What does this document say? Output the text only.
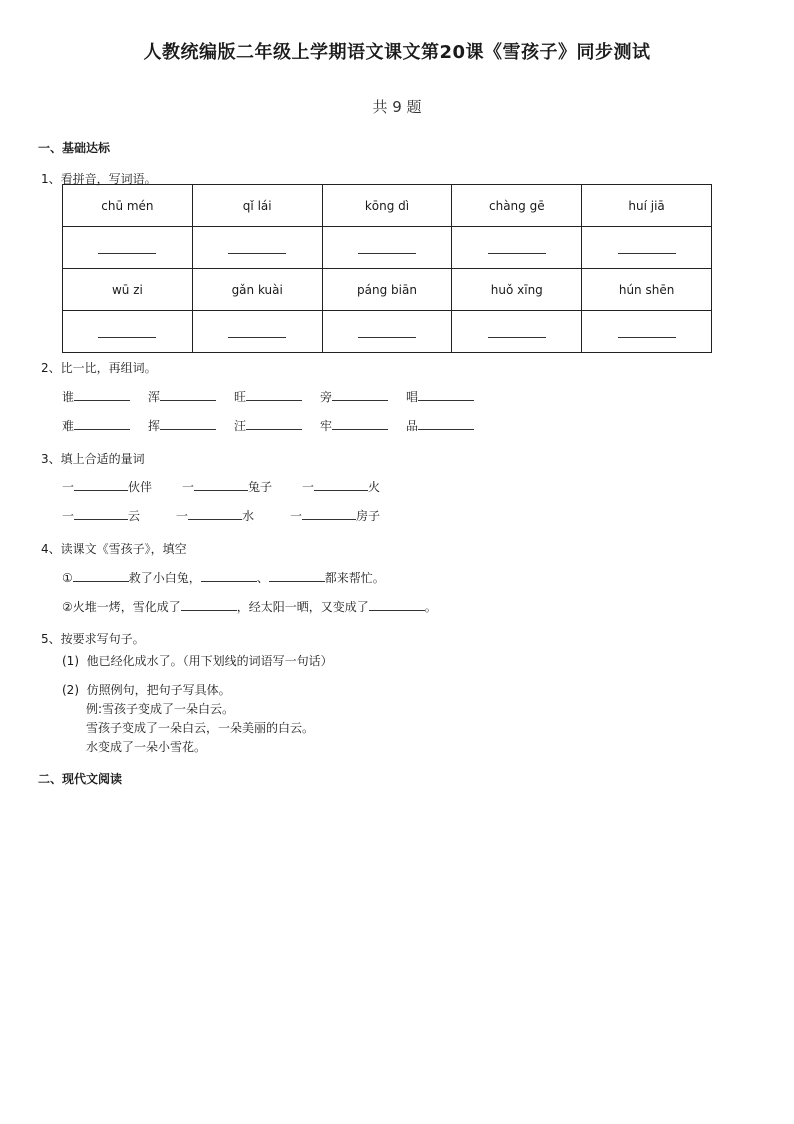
人教统编版二年级上学期语文课文第20课《雪孩子》同步测试
共 9 题
一、基础达标
1、看拼音，写词语。
chū mén	qǐ lái	kōng dì	chàng gē	huí jiā

wū zi	gǎn kuài	páng biān	huǒ xīng	hún shēn

2、比一比，再组词。
谁	浑	旺	旁	唱
难	挥	汪	牢	品
3、填上合适的量词
一	伙伴 一	兔子 一	火
一	云	一	水	一	房子
4、读课文《雪孩子》，填空
①	救了小白兔，	、	都来帮忙。
②火堆一烤，雪化成了	，经太阳一晒，又变成了	。
5、按要求写句子。
(1)  他已经化成水了。（用下划线的词语写一句话）
(2)  仿照例句，把句子写具体。
例:雪孩子变成了一朵白云。
雪孩子变成了一朵白云，一朵美丽的白云。
水变成了一朵小雪花。
二、现代文阅读
